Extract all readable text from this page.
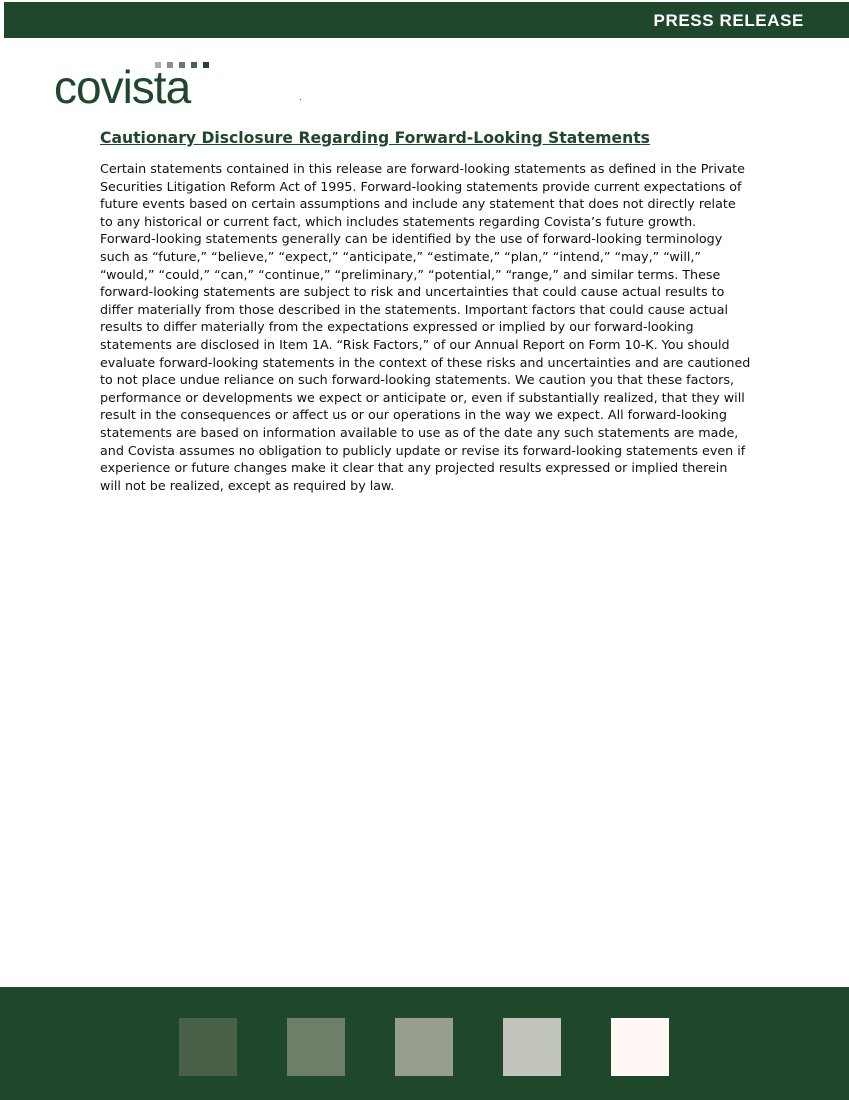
PRESS RELEASE
covista
Cautionary Disclosure Regarding Forward-Looking Statements

Certain statements contained in this release are forward-looking statements as defined in the Private Securities Litigation Reform Act of 1995. Forward-looking statements provide current expectations of future events based on certain assumptions and include any statement that does not directly relate to any historical or current fact, which includes statements regarding Covista’s future growth. Forward-looking statements generally can be identified by the use of forward-looking terminology such as “future,” “believe,” “expect,” “anticipate,” “estimate,” “plan,” “intend,” “may,” “will,” “would,” “could,” “can,” “continue,” “preliminary,” “potential,” “range,” and similar terms. These forward-looking statements are subject to risk and uncertainties that could cause actual results to differ materially from those described in the statements. Important factors that could cause actual results to differ materially from the expectations expressed or implied by our forward-looking statements are disclosed in Item 1A. “Risk Factors,” of our Annual Report on Form 10-K. You should evaluate forward-looking statements in the context of these risks and uncertainties and are cautioned to not place undue reliance on such forward-looking statements. We caution you that these factors, performance or developments we expect or anticipate or, even if substantially realized, that they will result in the consequences or affect us or our operations in the way we expect. All forward-looking statements are based on information available to use as of the date any such statements are made, and Covista assumes no obligation to publicly update or revise its forward-looking statements even if experience or future changes make it clear that any projected results expressed or implied therein will not be realized, except as required by law.
